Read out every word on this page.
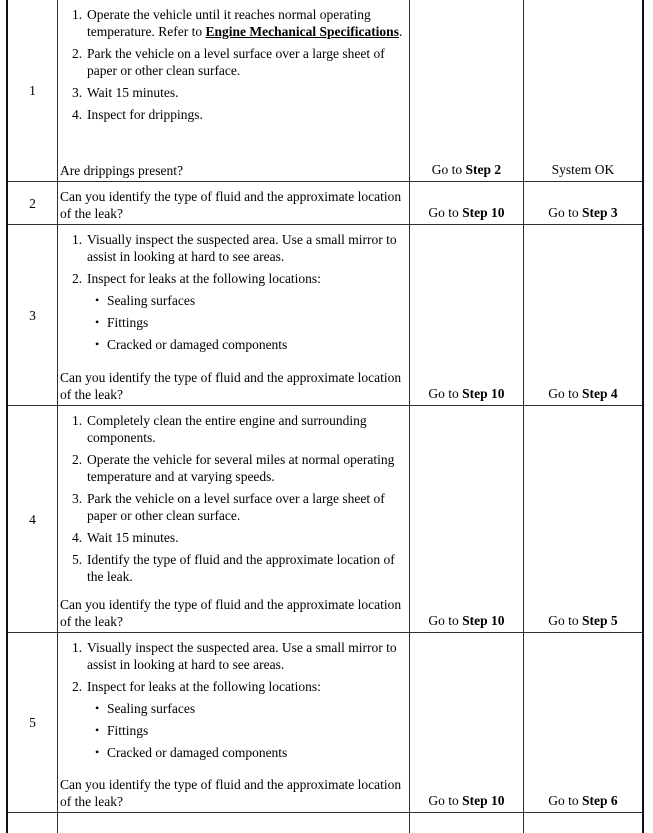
1
1. Operate the vehicle until it reaches normal operating temperature. Refer to Engine Mechanical Specifications.
2. Park the vehicle on a level surface over a large sheet of paper or other clean surface.
3. Wait 15 minutes.
4. Inspect for drippings.
Are drippings present?	Go to Step 2	System OK
2 Can you identify the type of fluid and the approximate location of the leak?	Go to Step 10	Go to Step 3
3
1. Visually inspect the suspected area. Use a small mirror to assist in looking at hard to see areas.
2. Inspect for leaks at the following locations:
• Sealing surfaces
• Fittings
• Cracked or damaged components
Can you identify the type of fluid and the approximate location of the leak?	Go to Step 10	Go to Step 4
4
1. Completely clean the entire engine and surrounding components.
2. Operate the vehicle for several miles at normal operating temperature and at varying speeds.
3. Park the vehicle on a level surface over a large sheet of paper or other clean surface.
4. Wait 15 minutes.
5. Identify the type of fluid and the approximate location of the leak.
Can you identify the type of fluid and the approximate location of the leak?	Go to Step 10	Go to Step 5
5
1. Visually inspect the suspected area. Use a small mirror to assist in looking at hard to see areas.
2. Inspect for leaks at the following locations:
• Sealing surfaces
• Fittings
• Cracked or damaged components
Can you identify the type of fluid and the approximate location of the leak?	Go to Step 10	Go to Step 6
